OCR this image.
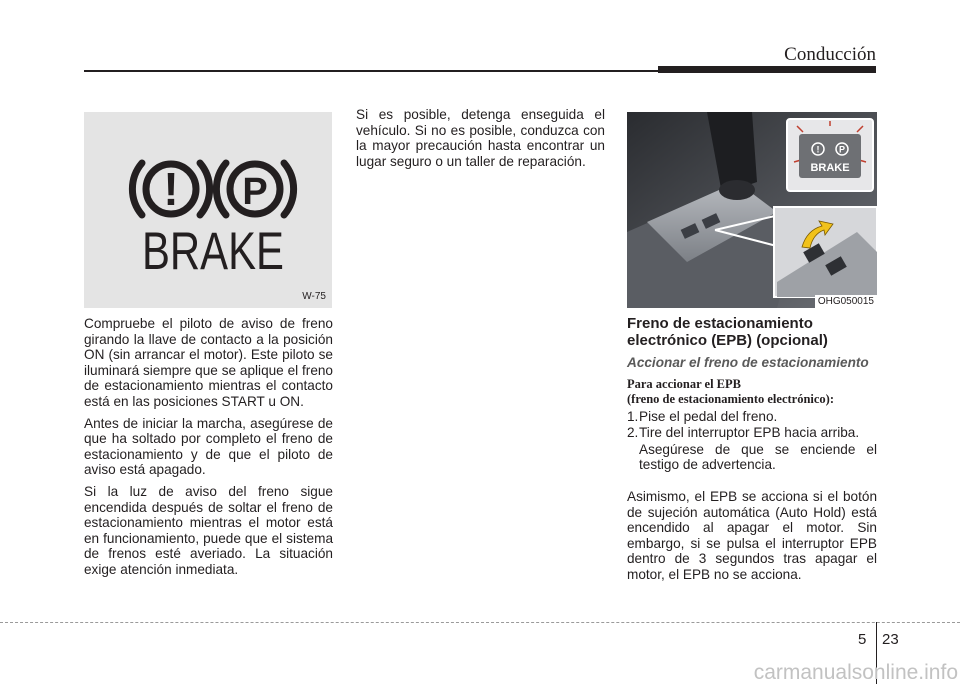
Conducción
! P
BRAKE
W-75

Compruebe el piloto de aviso de freno girando la llave de contacto a la posición ON (sin arrancar el motor). Este piloto se iluminará siempre que se aplique el freno de estacionamiento mientras el contacto está en las posiciones START u ON.

Antes de iniciar la marcha, asegúrese de que ha soltado por completo el freno de estacionamiento y de que el piloto de aviso está apagado.

Si la luz de aviso del freno sigue encendida después de soltar el freno de estacionamiento mientras el motor está en funcionamiento, puede que el sistema de frenos esté averiado. La situación exige atención inmediata.

Si es posible, detenga enseguida el vehículo. Si no es posible, conduzca con la mayor precaución hasta encontrar un lugar seguro o un taller de reparación.

! P
BRAKE
OHG050015
Freno de estacionamiento electrónico (EPB) (opcional)
Accionar el freno de estacionamiento
Para accionar el EPB
(freno de estacionamiento electrónico):
1. Pise el pedal del freno.
2. Tire del interruptor EPB hacia arriba.

Asegúrese de que se enciende el testigo de advertencia.

Asimismo, el EPB se acciona si el botón de sujeción automática (Auto Hold) está encendido al apagar el motor. Sin embargo, si se pulsa el interruptor EPB dentro de 3 segundos tras apagar el motor, el EPB no se acciona.

5 23
carmanualsonline.info
